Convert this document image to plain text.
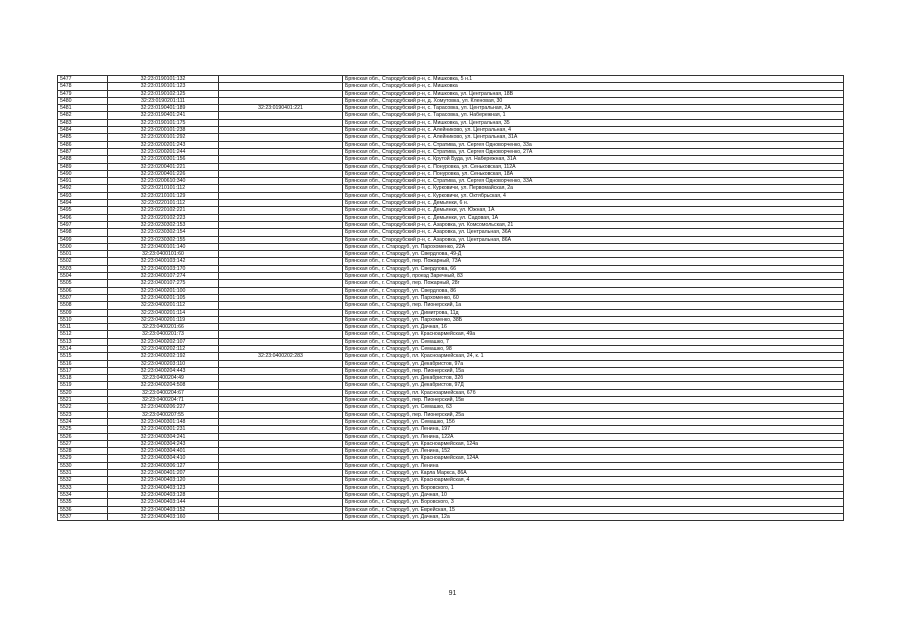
5477	32:23:0190101:132		Брянская обл., Стародубский р-н, с. Мишковка, 5 н.1
5478	32:23:0190101:123		Брянская обл., Стародубский р-н, с. Мишковка
5479	32:23:0190102:125		Брянская обл., Стародубский р-н, с. Мишковка, ул. Центральная, 18В
5480	32:23:0190201:111		Брянская обл., Стародубский р-н, д. Хомутовка, ул. Кленовая, 30
5481	32:23:0190401:189	32:23:0190401:221	Брянская обл., Стародубский р-н, с. Тарасовка, ул. Центральная, 2А
5482	32:23:0190401:241		Брянская обл., Стародубский р-н, с. Тарасовка, ул. Набережная, 1
5483	32:23:0190101:175		Брянская обл., Стародубский р-н, с. Мишковка, ул. Центральная, 35
5484	32:23:0200101:238		Брянская обл., Стародубский р-н, с. Алейниково, ул. Центральная, 4
5485	32:23:0200101:292		Брянская обл., Стародубский р-н, с. Алейниково, ул. Центральная, 31А
5486	32:23:0200201:243		Брянская обл., Стародубский р-н, с. Стратива, ул. Сергея Одноворченко, 33а
5487	32:23:0200201:244		Брянская обл., Стародубский р-н, с. Стратива, ул. Сергея Одноворченко, 27А
5488	32:23:0200301:156		Брянская обл., Стародубский р-н, с. Крутой Буда, ул. Набережная, 31А
5489	32:23:0200401:221		Брянская обл., Стародубский р-н, с. Понуровка, ул. Сеньковская, 112А
5490	32:23:0200401:226		Брянская обл., Стародубский р-н, с. Понуровка, ул. Сеньковская, 18А
5491	32:23:0200610:340		Брянская обл., Стародубский р-н, с. Стратива, ул. Сергея Одноворченко, 33А
5492	32:23:0210101:112		Брянская обл., Стародубский р-н, с. Курковичи, ул. Первомайская, 2а
5493	32:23:0210101:129		Брянская обл., Стародубский р-н, с. Курковичи, ул. Октябрьская, 4
5494	32:23:0220101:112		Брянская обл., Стародубский р-н, с. Демьянки, 6 н.
5495	32:23:0220102:221		Брянская обл., Стародубский р-н, с. Демьянки, ул. Южная, 1А
5496	32:23:0220102:223		Брянская обл., Стародубский р-н, с. Демьянки, ул. Садовая, 1А
5497	32:23:0230302:153		Брянская обл., Стародубский р-н, с. Азаровка, ул. Комсомольская, 21
5498	32:23:0230302:154		Брянская обл., Стародубский р-н, с. Азаровка, ул. Центральная, 36А
5499	32:23:0230302:155		Брянская обл., Стародубский р-н, с. Азаровка, ул. Центральная, 86А
5500	32:23:0400101:140		Брянская обл., г. Стародуб, ул. Парохоменко, 22А
5501	32:23:0400101:60		Брянская обл., г. Стародуб, ул. Свердлова, 49-Д
5502	32:23:0400103:142		Брянская обл., г. Стародуб, пер. Пожарный, 73А
5503	32:23:0400103:170		Брянская обл., г. Стародуб, ул. Свердлова, 66
5504	32:23:0400107:274		Брянская обл., г. Стародуб, проезд Заречный, 83
5505	32:23:0400107:275		Брянская обл., г. Стародуб, пер. Пожарный, 28г
5506	32:23:0400201:100		Брянская обл., г. Стародуб, ул. Свердлова, 86
5507	32:23:0400201:105		Брянская обл., г. Стародуб, ул. Пархоменко, 60
5508	32:23:0400201:112		Брянская обл., г. Стародуб, пер. Пионерский, 1а
5509	32:23:0400201:114		Брянская обл., г. Стародуб, ул. Димитрова, 11д
5510	32:23:0400201:119		Брянская обл., г. Стародуб, ул. Пархоменко, 38Б
5511	32:23:0400201:66		Брянская обл., г. Стародуб, ул. Дачная, 16
5512	32:23:0400201:73		Брянская обл., г. Стародуб, ул. Красноармейская, 49а
5513	32:23:0400202:107		Брянская обл., г. Стародуб, ул. Семашко, 7
5514	32:23:0400202:112		Брянская обл., г. Стародуб, ул. Семашко, 98
5515	32:23:0400202:192	32:23:0400202:283	Брянская обл., г. Стародуб, пл. Красноармейская, 24, к. 1
5516	32:23:0400203:110		Брянская обл., г. Стародуб, ул. Декабристов, 97а
5517	32:23:0400204:443		Брянская обл., г. Стародуб, пер. Пионерский, 15а
5518	32:23:0400204:49		Брянская обл., г. Стародуб, ул. Декабристов, 32б
5519	32:23:0400204:508		Брянская обл., г. Стародуб, ул. Декабристов, 97Д
5520	32:23:0400204:67		Брянская обл., г. Стародуб, пл. Красноармейская, 67б
5521	32:23:0400204:71		Брянская обл., г. Стародуб, пер. Пионерский, 15в
5522	32:23:0400206:227		Брянская обл., г. Стародуб, ул. Семашко, 63
5523	32:23:0400207:55		Брянская обл., г. Стародуб, пер. Пионерский, 25а
5524	32:23:0400301:148		Брянская обл., г. Стародуб, ул. Семашко, 15б
5525	32:23:0400301:231		Брянская обл., г. Стародуб, ул. Ленина, 197
5526	32:23:0400304:241		Брянская обл., г. Стародуб, ул. Ленина, 122А
5527	32:23:0400304:243		Брянская обл., г. Стародуб, ул. Красноармейская, 124а
5528	32:23:0400304:401		Брянская обл., г. Стародуб, ул. Ленина, 152
5529	32:23:0400304:410		Брянская обл., г. Стародуб, ул. Красноармейская, 124А
5530	32:23:0400306:127		Брянская обл., г. Стародуб, ул. Ленина
5531	32:23:0400401:207		Брянская обл., г. Стародуб, ул. Карла Маркса, 86А
5532	32:23:0400403:120		Брянская обл., г. Стародуб, ул. Красноармейская, 4
5533	32:23:0400403:123		Брянская обл., г. Стародуб, ул. Воровского, 1
5534	32:23:0400403:128		Брянская обл., г. Стародуб, ул. Дачная, 10
5535	32:23:0400403:144		Брянская обл., г. Стародуб, ул. Воровского, 3
5536	32:23:0400403:152		Брянская обл., г. Стародуб, ул. Еврейская, 15
5537	32:23:0400403:160		Брянская обл., г. Стародуб, ул. Дачная, 12а
91
